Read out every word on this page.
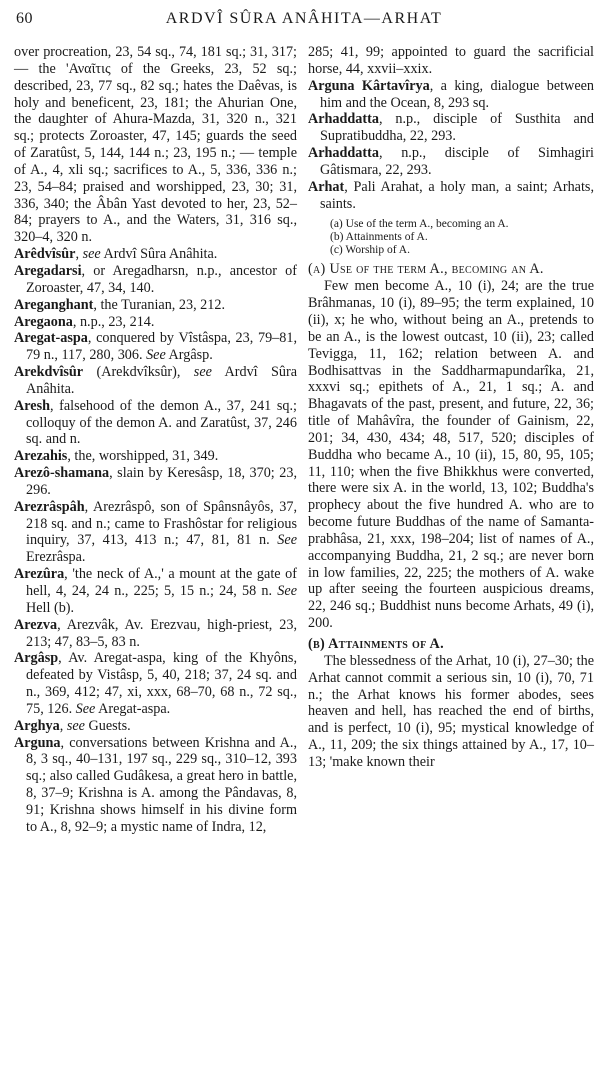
60	ARDVÎ SÛRA ANÂHITA—ARHAT

over procreation, 23, 54 sq., 74, 181 sq.; 31, 317; — the 'Αναῖτις of the Greeks, 23, 52 sq.; described, 23, 77 sq., 82 sq.; hates the Daêvas, is holy and beneficent, 23, 181; the Ahurian One, the daughter of Ahura-Mazda, 31, 320 n., 321 sq.; protects Zoroaster, 47, 145; guards the seed of Zaratûst, 5, 144, 144 n.; 23, 195 n.; — temple of A., 4, xli sq.; sacrifices to A., 5, 336, 336 n.; 23, 54–84; praised and worshipped, 23, 30; 31, 336, 340; the Âbân Yast devoted to her, 23, 52–84; prayers to A., and the Waters, 31, 316 sq., 320–4, 320 n.

Arêdvîsûr, see Ardvî Sûra Anâhita.

Aregadarsi, or Aregadharsn, n.p., ancestor of Zoroaster, 47, 34, 140.

Areganghant, the Turanian, 23, 212.

Aregaona, n.p., 23, 214.

Aregat-aspa, conquered by Vîstâspa, 23, 79–81, 79 n., 117, 280, 306. See Argâsp.

Arekdvîsûr (Arekdvîksûr), see Ardvî Sûra Anâhita.

Aresh, falsehood of the demon A., 37, 241 sq.; colloquy of the demon A. and Zaratûst, 37, 246 sq. and n.

Arezahis, the, worshipped, 31, 349.

Arezô-shamana, slain by Keresâsp, 18, 370; 23, 296.

Arezrâspâh, Arezrâspô, son of Spânsnâyôs, 37, 218 sq. and n.; came to Frashôstar for religious inquiry, 37, 413, 413 n.; 47, 81, 81 n. See Erezrâspa.

Arezûra, 'the neck of A.,' a mount at the gate of hell, 4, 24, 24 n., 225; 5, 15 n.; 24, 58 n. See Hell (b).

Arezva, Arezvâk, Av. Erezvau, high-priest, 23, 213; 47, 83–5, 83 n.

Argâsp, Av. Aregat-aspa, king of the Khyôns, defeated by Vistâsp, 5, 40, 218; 37, 24 sq. and n., 369, 412; 47, xi, xxx, 68–70, 68 n., 72 sq., 75, 126. See Aregat-aspa.

Arghya, see Guests.

Arguna, conversations between Krishna and A., 8, 3 sq., 40–131, 197 sq., 229 sq., 310–12, 393 sq.; also called Gudâkesa, a great hero in battle, 8, 37–9; Krishna is A. among the Pândavas, 8, 91; Krishna shows himself in his divine form to A., 8, 92–9; a mystic name of Indra, 12,

285; 41, 99; appointed to guard the sacrificial horse, 44, xxvii–xxix.

Arguna Kârtavîrya, a king, dialogue between him and the Ocean, 8, 293 sq.

Arhaddatta, n.p., disciple of Susthita and Supratibuddha, 22, 293.

Arhaddatta, n.p., disciple of Simhagiri Gâtismara, 22, 293.

Arhat, Pali Arahat, a holy man, a saint; Arhats, saints.

(a) Use of the term A., becoming an A.
(b) Attainments of A.
(c) Worship of A.

(a) Use of the term A., becoming an A.

Few men become A., 10 (i), 24; are the true Brâhmanas, 10 (i), 89–95; the term explained, 10 (ii), x; he who, without being an A., pretends to be an A., is the lowest outcast, 10 (ii), 23; called Tevigga, 11, 162; relation between A. and Bodhisattvas in the Saddharmapundarîka, 21, xxxvi sq.; epithets of A., 21, 1 sq.; A. and Bhagavats of the past, present, and future, 22, 36; title of Mahâvîra, the founder of Gainism, 22, 201; 34, 430, 434; 48, 517, 520; disciples of Buddha who became A., 10 (ii), 15, 80, 95, 105; 11, 110; when the five Bhikkhus were converted, there were six A. in the world, 13, 102; Buddha's prophecy about the five hundred A. who are to become future Buddhas of the name of Samanta-prabhâsa, 21, xxx, 198–204; list of names of A., accompanying Buddha, 21, 2 sq.; are never born in low families, 22, 225; the mothers of A. wake up after seeing the fourteen auspicious dreams, 22, 246 sq.; Buddhist nuns become Arhats, 49 (i), 200.

(b) Attainments of A.

The blessedness of the Arhat, 10 (i), 27–30; the Arhat cannot commit a serious sin, 10 (i), 70, 71 n.; the Arhat knows his former abodes, sees heaven and hell, has reached the end of births, and is perfect, 10 (i), 95; mystical knowledge of A., 11, 209; the six things attained by A., 17, 10–13; 'make known their
